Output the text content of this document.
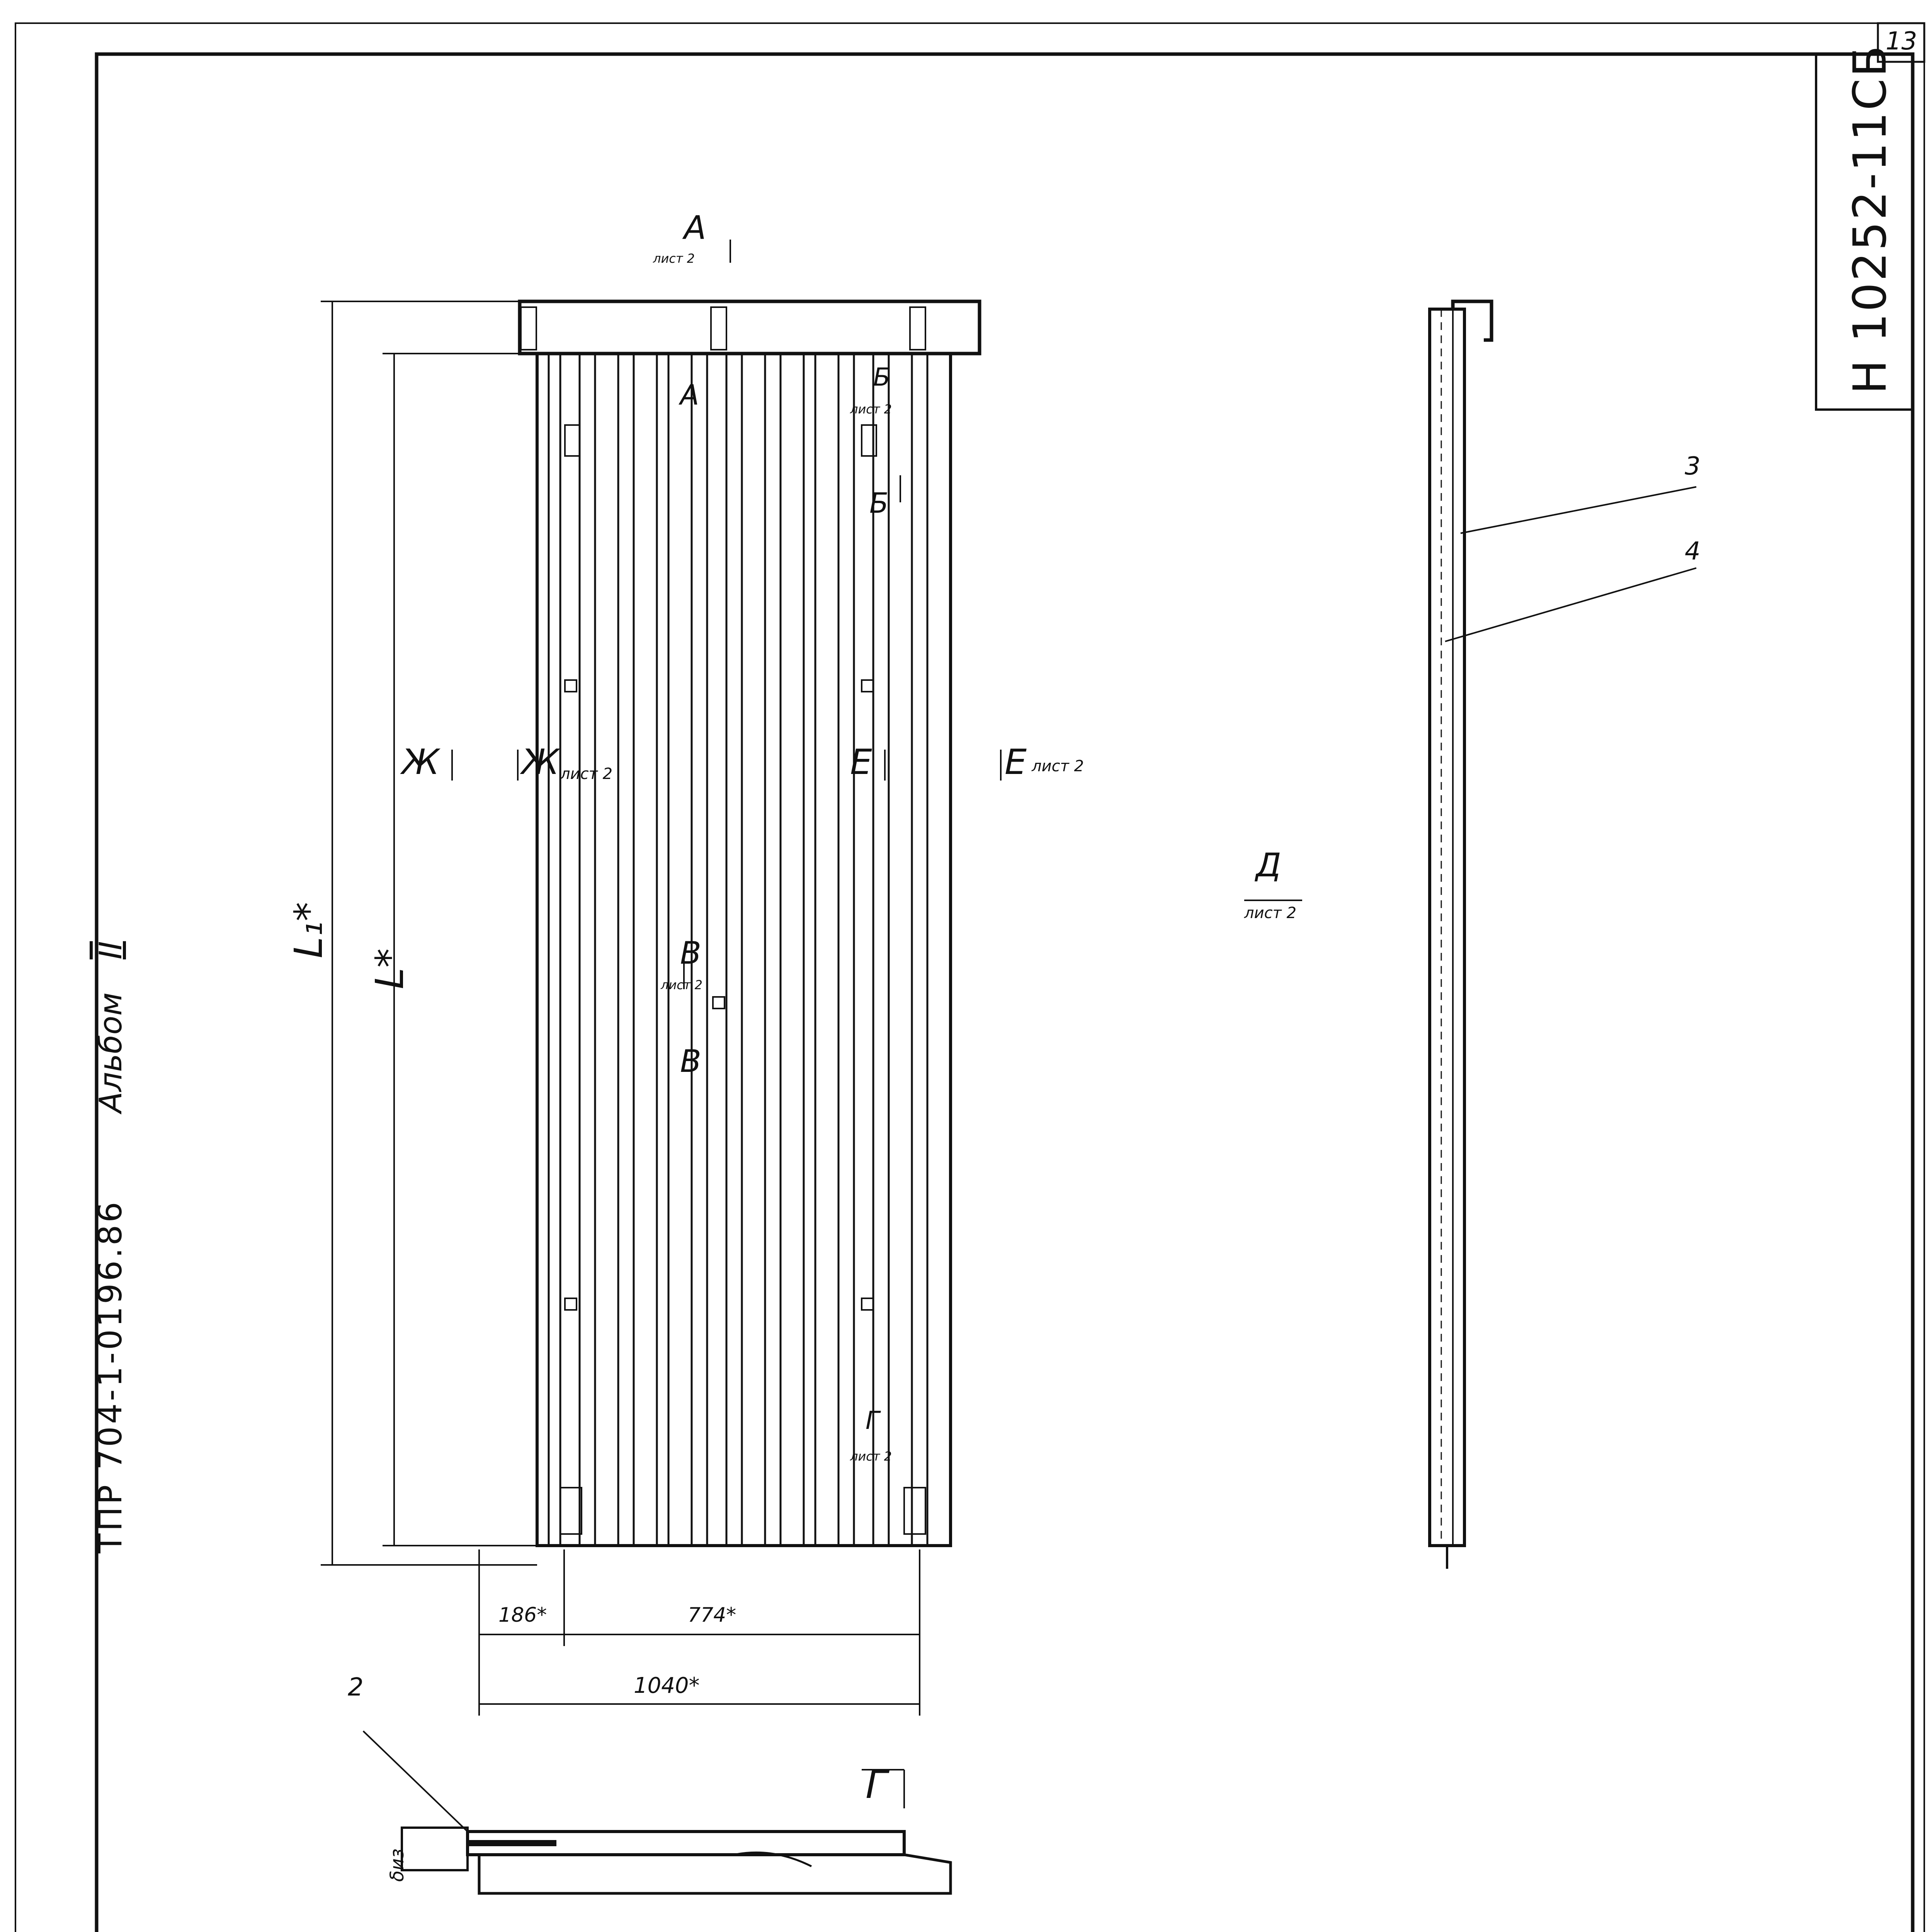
13
Н 10252-11СБ
Альбом II
ТПР 704-1-0196.86

А
лист 2
А
Б
лист 2
Б
Ж Ж лист 2	Е	Е лист 2
Д
лист 2
В
лист 2
В
Г
лист 2
Г
L₁*
L*
186*	774*
1040*
3
4
2
δиз
